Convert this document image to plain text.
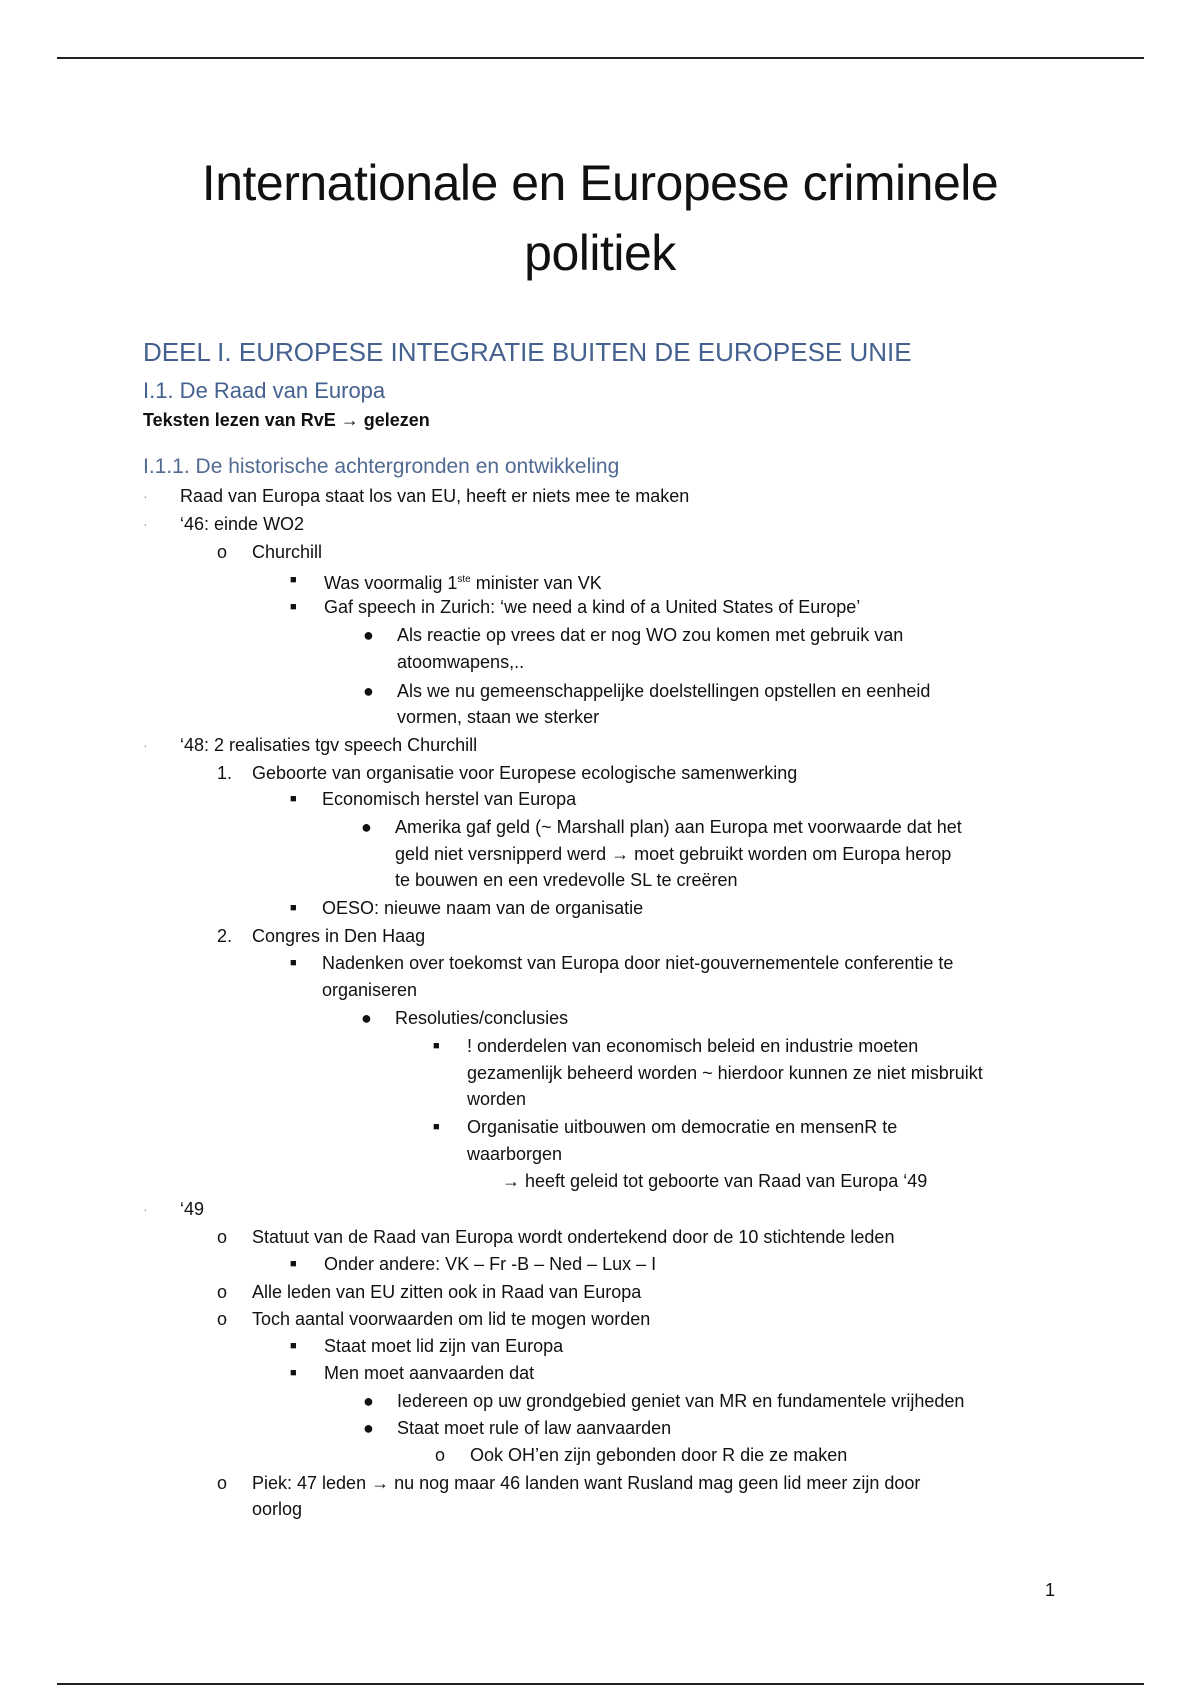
Internationale en Europese criminele
politiek
DEEL I. EUROPESE INTEGRATIE BUITEN DE EUROPESE UNIE
I.1. De Raad van Europa
Teksten lezen van RvE → gelezen
I.1.1. De historische achtergronden en ontwikkeling
· Raad van Europa staat los van EU, heeft er niets mee te maken
· ‘46: einde WO2
o Churchill
■ Was voormalig 1ste minister van VK
■ Gaf speech in Zurich: ‘we need a kind of a United States of Europe’
● Als reactie op vrees dat er nog WO zou komen met gebruik van
atoomwapens,..
● Als we nu gemeenschappelijke doelstellingen opstellen en eenheid
vormen, staan we sterker
· ‘48: 2 realisaties tgv speech Churchill
1. Geboorte van organisatie voor Europese ecologische samenwerking
■ Economisch herstel van Europa
● Amerika gaf geld (~ Marshall plan) aan Europa met voorwaarde dat het
geld niet versnipperd werd → moet gebruikt worden om Europa herop
te bouwen en een vredevolle SL te creëren
■ OESO: nieuwe naam van de organisatie
2. Congres in Den Haag
■ Nadenken over toekomst van Europa door niet-gouvernementele conferentie te
organiseren
● Resoluties/conclusies
■ ! onderdelen van economisch beleid en industrie moeten
gezamenlijk beheerd worden ~ hierdoor kunnen ze niet misbruikt
worden
■ Organisatie uitbouwen om democratie en mensenR te
waarborgen
→ heeft geleid tot geboorte van Raad van Europa ‘49
· ‘49
o Statuut van de Raad van Europa wordt ondertekend door de 10 stichtende leden
■ Onder andere: VK – Fr -B – Ned – Lux – I
o Alle leden van EU zitten ook in Raad van Europa
o Toch aantal voorwaarden om lid te mogen worden
■ Staat moet lid zijn van Europa
■ Men moet aanvaarden dat
● Iedereen op uw grondgebied geniet van MR en fundamentele vrijheden
● Staat moet rule of law aanvaarden
o Ook OH’en zijn gebonden door R die ze maken
o Piek: 47 leden → nu nog maar 46 landen want Rusland mag geen lid meer zijn door
oorlog
1
